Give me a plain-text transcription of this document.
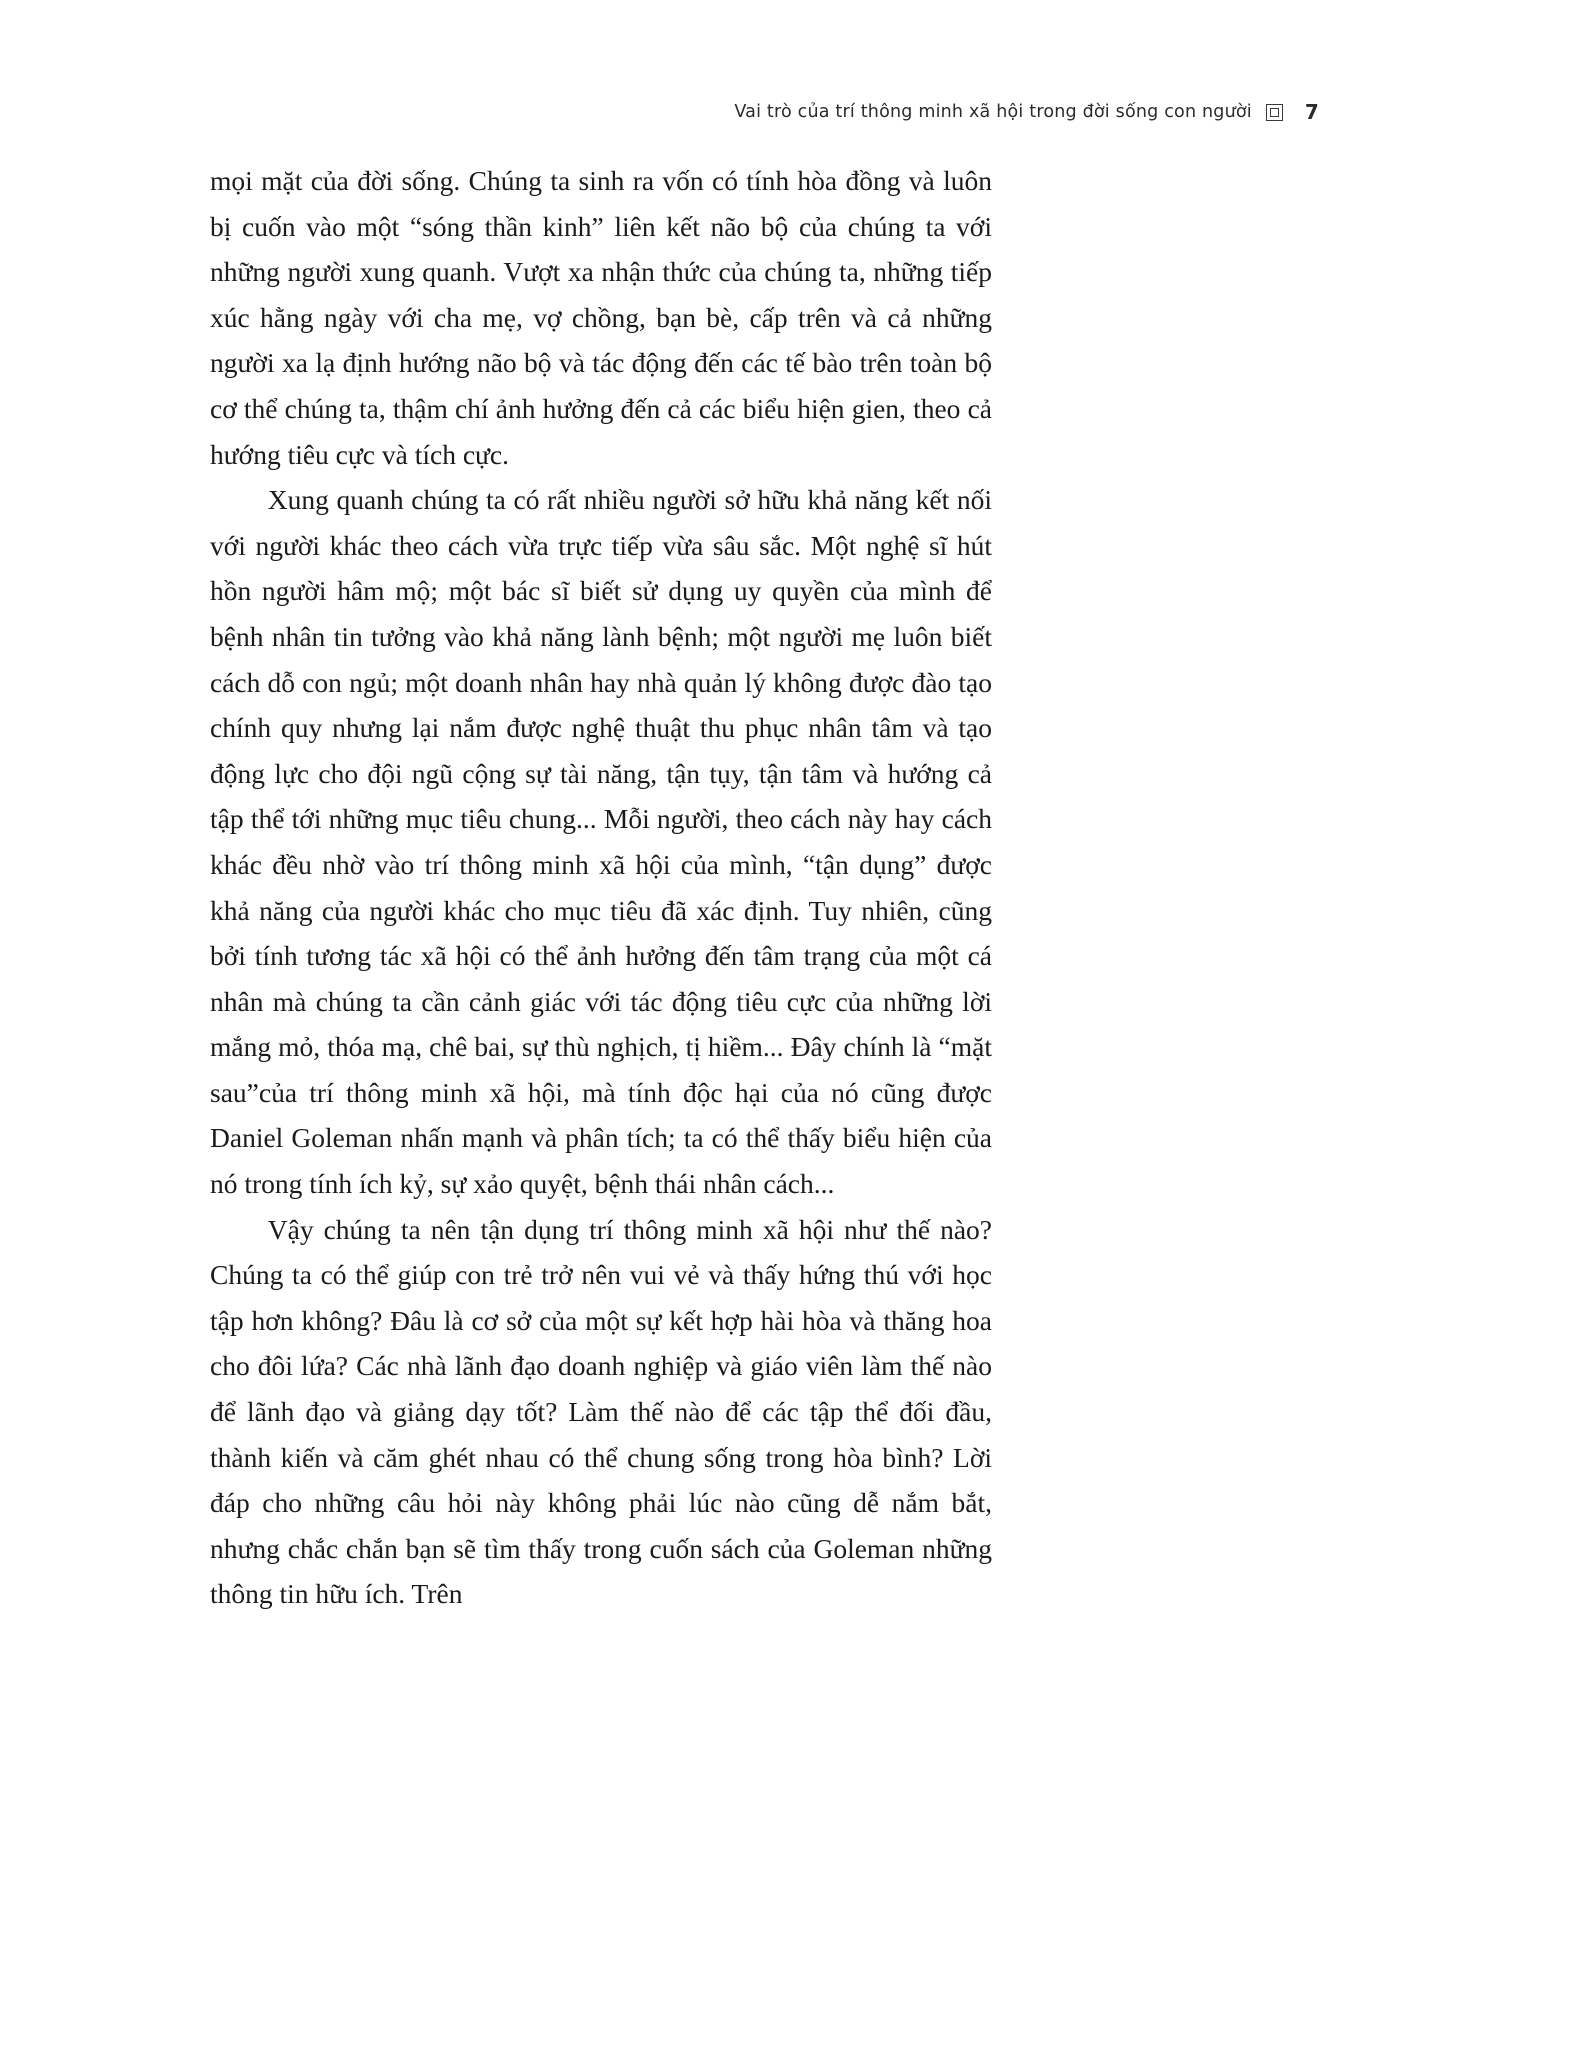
Vai trò của trí thông minh xã hội trong đời sống con người	7

mọi mặt của đời sống. Chúng ta sinh ra vốn có tính hòa đồng và luôn bị cuốn vào một “sóng thần kinh” liên kết não bộ của chúng ta với những người xung quanh. Vượt xa nhận thức của chúng ta, những tiếp xúc hằng ngày với cha mẹ, vợ chồng, bạn bè, cấp trên và cả những người xa lạ định hướng não bộ và tác động đến các tế bào trên toàn bộ cơ thể chúng ta, thậm chí ảnh hưởng đến cả các biểu hiện gien, theo cả hướng tiêu cực và tích cực.

Xung quanh chúng ta có rất nhiều người sở hữu khả năng kết nối với người khác theo cách vừa trực tiếp vừa sâu sắc. Một nghệ sĩ hút hồn người hâm mộ; một bác sĩ biết sử dụng uy quyền của mình để bệnh nhân tin tưởng vào khả năng lành bệnh; một người mẹ luôn biết cách dỗ con ngủ; một doanh nhân hay nhà quản lý không được đào tạo chính quy nhưng lại nắm được nghệ thuật thu phục nhân tâm và tạo động lực cho đội ngũ cộng sự tài năng, tận tụy, tận tâm và hướng cả tập thể tới những mục tiêu chung... Mỗi người, theo cách này hay cách khác đều nhờ vào trí thông minh xã hội của mình, “tận dụng” được khả năng của người khác cho mục tiêu đã xác định. Tuy nhiên, cũng bởi tính tương tác xã hội có thể ảnh hưởng đến tâm trạng của một cá nhân mà chúng ta cần cảnh giác với tác động tiêu cực của những lời mắng mỏ, thóa mạ, chê bai, sự thù nghịch, tị hiềm... Đây chính là “mặt sau”của trí thông minh xã hội, mà tính độc hại của nó cũng được Daniel Goleman nhấn mạnh và phân tích; ta có thể thấy biểu hiện của nó trong tính ích kỷ, sự xảo quyệt, bệnh thái nhân cách...

Vậy chúng ta nên tận dụng trí thông minh xã hội như thế nào? Chúng ta có thể giúp con trẻ trở nên vui vẻ và thấy hứng thú với học tập hơn không? Đâu là cơ sở của một sự kết hợp hài hòa và thăng hoa cho đôi lứa? Các nhà lãnh đạo doanh nghiệp và giáo viên làm thế nào để lãnh đạo và giảng dạy tốt? Làm thế nào để các tập thể đối đầu, thành kiến và căm ghét nhau có thể chung sống trong hòa bình? Lời đáp cho những câu hỏi này không phải lúc nào cũng dễ nắm bắt, nhưng chắc chắn bạn sẽ tìm thấy trong cuốn sách của Goleman những thông tin hữu ích. Trên
